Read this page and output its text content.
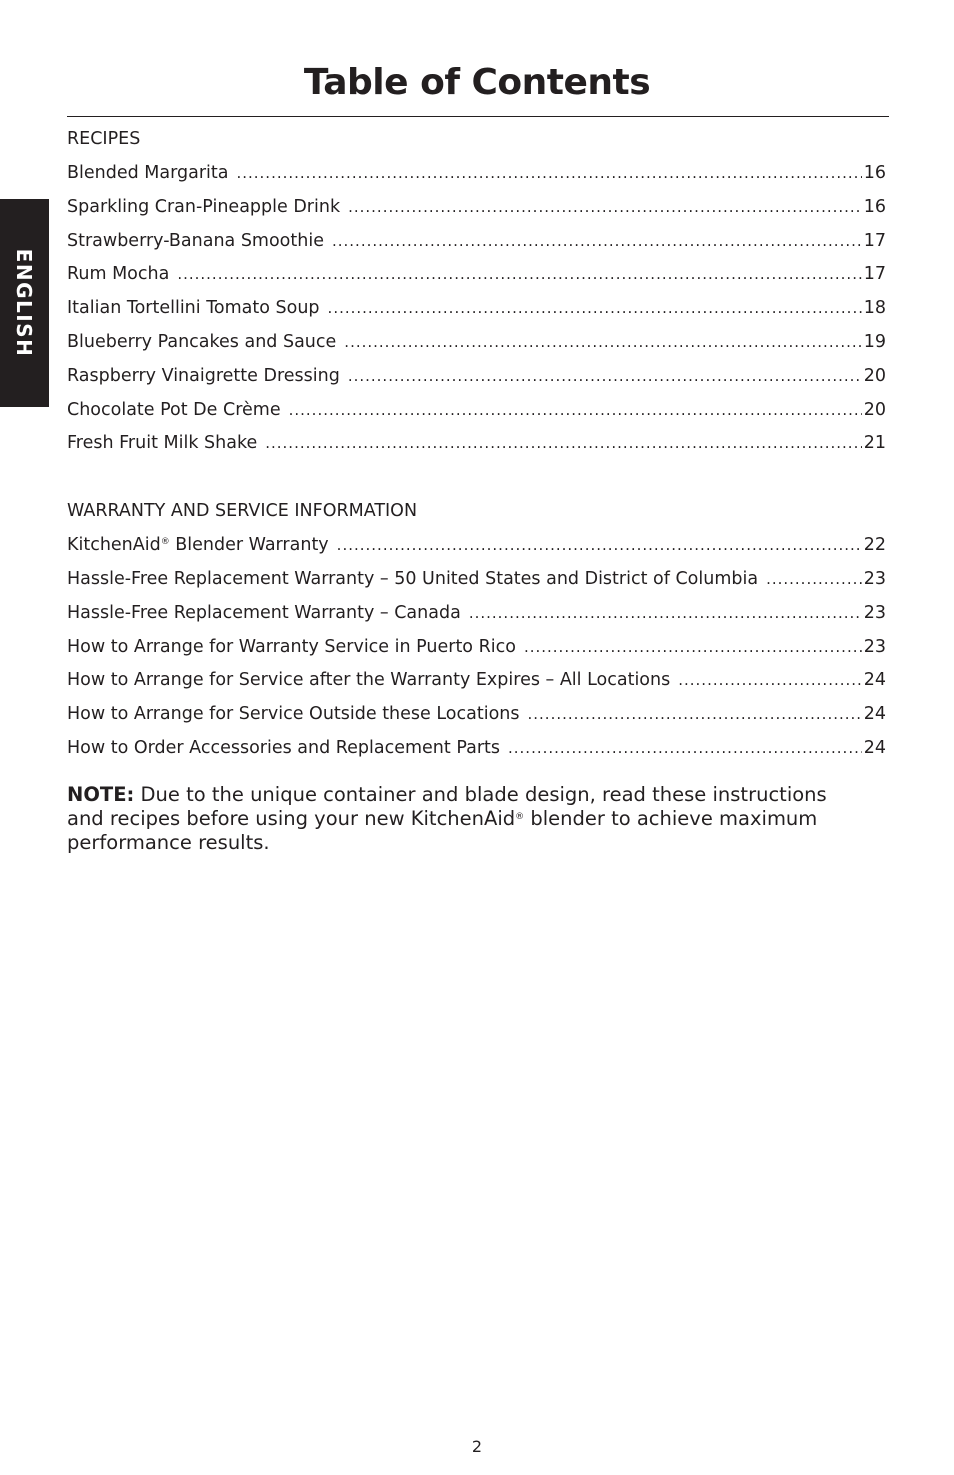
ENGLISH
Table of Contents
RECIPES
Blended Margarita .....	16
Sparkling Cran-Pineapple Drink .....	16
Strawberry-Banana Smoothie .....	17
Rum Mocha .....	17
Italian Tortellini Tomato Soup .....	18
Blueberry Pancakes and Sauce .....	19
Raspberry Vinaigrette Dressing .....	20
Chocolate Pot De Crème .....	20
Fresh Fruit Milk Shake .....	21
WARRANTY AND SERVICE INFORMATION
KitchenAid® Blender Warranty .....	22
Hassle-Free Replacement Warranty – 50 United States and District of Columbia .....	23
Hassle-Free Replacement Warranty – Canada .....	23
How to Arrange for Warranty Service in Puerto Rico .....	23
How to Arrange for Service after the Warranty Expires – All Locations .....	24
How to Arrange for Service Outside these Locations .....	24
How to Order Accessories and Replacement Parts .....	24

NOTE: Due to the unique container and blade design, read these instructions and recipes before using your new KitchenAid® blender to achieve maximum performance results.

2
